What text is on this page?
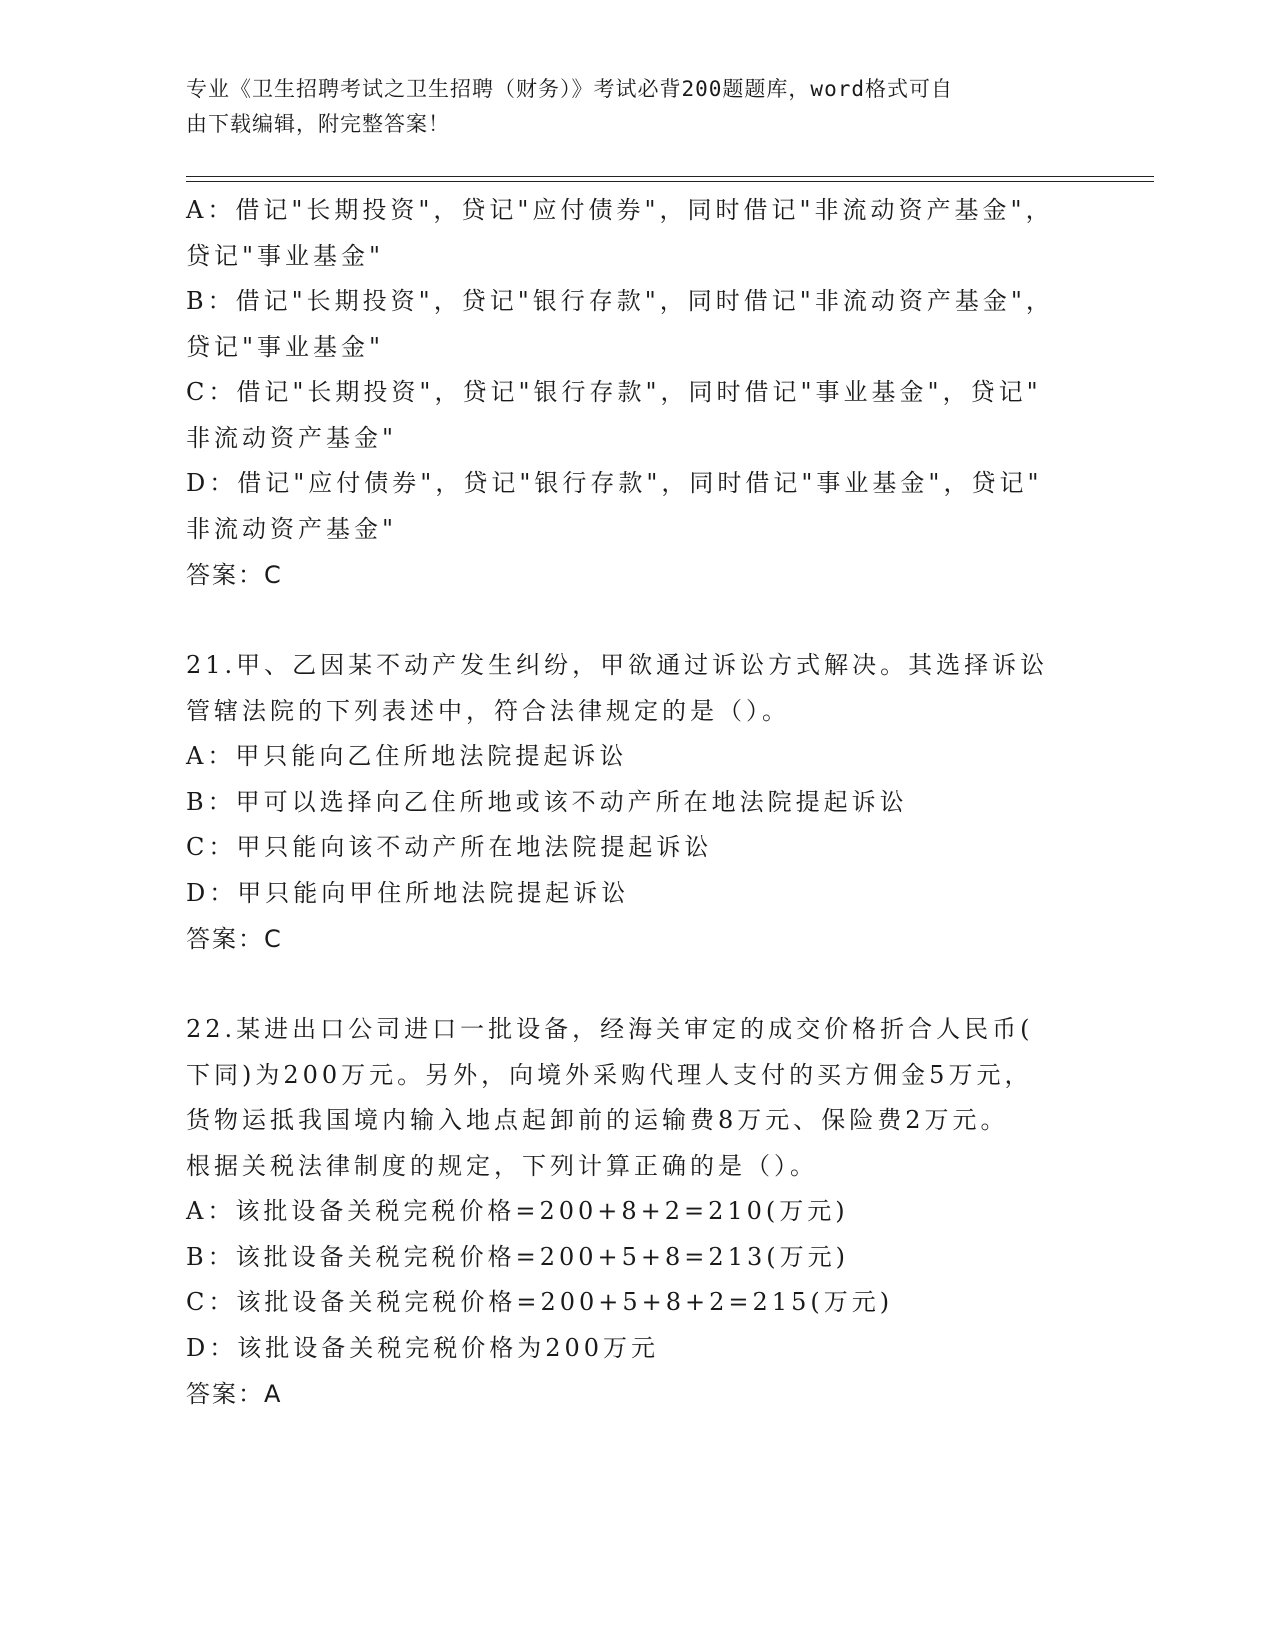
专业《卫生招聘考试之卫生招聘（财务）》考试必背200题题库，word格式可自
由下载编辑，附完整答案！
A：借记"长期投资"，贷记"应付债券"，同时借记"非流动资产基金"，
贷记"事业基金"
B：借记"长期投资"，贷记"银行存款"，同时借记"非流动资产基金"，
贷记"事业基金"
C：借记"长期投资"，贷记"银行存款"，同时借记"事业基金"，贷记"
非流动资产基金"
D：借记"应付债券"，贷记"银行存款"，同时借记"事业基金"，贷记"
非流动资产基金"
答案：C
21.甲、乙因某不动产发生纠纷，甲欲通过诉讼方式解决。其选择诉讼
管辖法院的下列表述中，符合法律规定的是（）。
A：甲只能向乙住所地法院提起诉讼
B：甲可以选择向乙住所地或该不动产所在地法院提起诉讼
C：甲只能向该不动产所在地法院提起诉讼
D：甲只能向甲住所地法院提起诉讼
答案：C
22.某进出口公司进口一批设备，经海关审定的成交价格折合人民币(
下同)为200万元。另外，向境外采购代理人支付的买方佣金5万元，
货物运抵我国境内输入地点起卸前的运输费8万元、保险费2万元。
根据关税法律制度的规定，下列计算正确的是（）。
A：该批设备关税完税价格=200+8+2=210(万元)
B：该批设备关税完税价格=200+5+8=213(万元)
C：该批设备关税完税价格=200+5+8+2=215(万元)
D：该批设备关税完税价格为200万元
答案：A
